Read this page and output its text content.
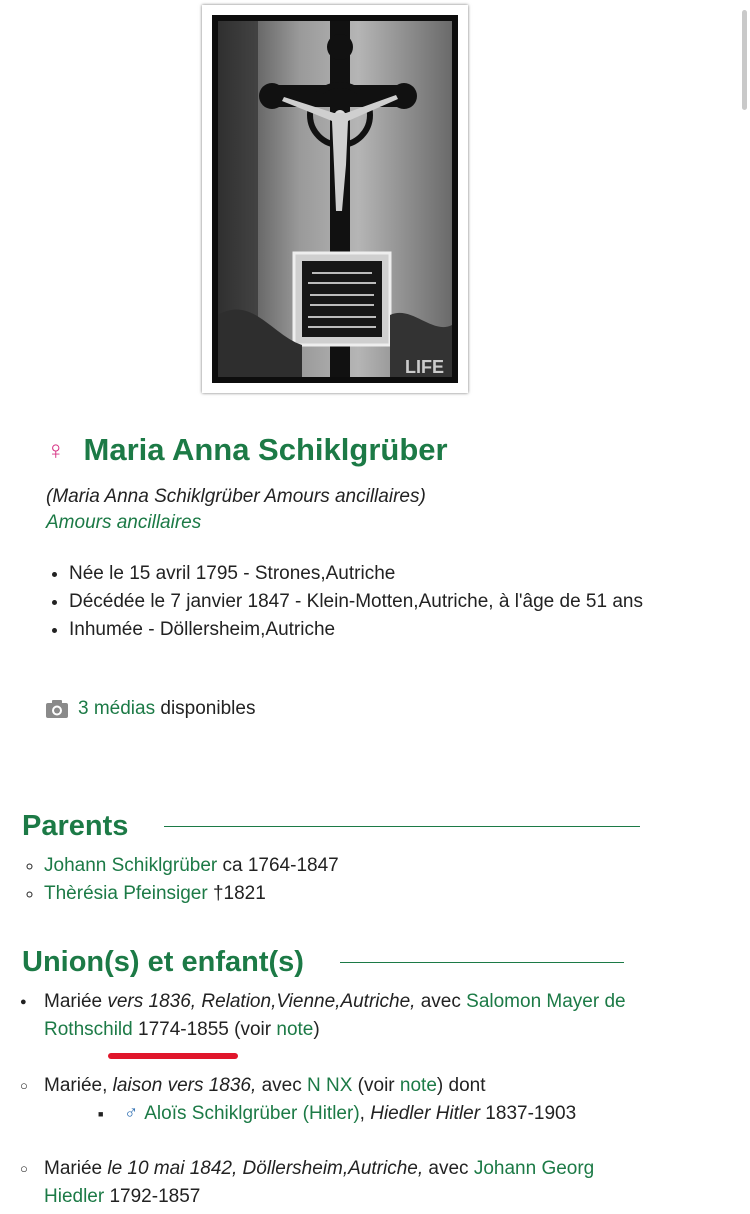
LIFE
♀ Maria Anna Schiklgrüber
(Maria Anna Schiklgrüber Amours ancillaires)
Amours ancillaires
• Née le 15 avril 1795 - Strones,Autriche
• Décédée le 7 janvier 1847 - Klein-Motten,Autriche, à l'âge de 51 ans
• Inhumée - Döllersheim,Autriche
3 médias disponibles
Parents
◦ Johann Schiklgrüber ca 1764-1847
◦ Thèrésia Pfeinsiger †1821
Union(s) et enfant(s)
● Mariée vers 1836, Relation,Vienne,Autriche, avec Salomon Mayer de Rothschild 1774-1855 (voir note)
○ Mariée, laison vers 1836, avec N NX (voir note) dont
■ ♂ Aloïs Schiklgrüber (Hitler), Hiedler Hitler 1837-1903
○ Mariée le 10 mai 1842, Döllersheim,Autriche, avec Johann Georg Hiedler 1792-1857
